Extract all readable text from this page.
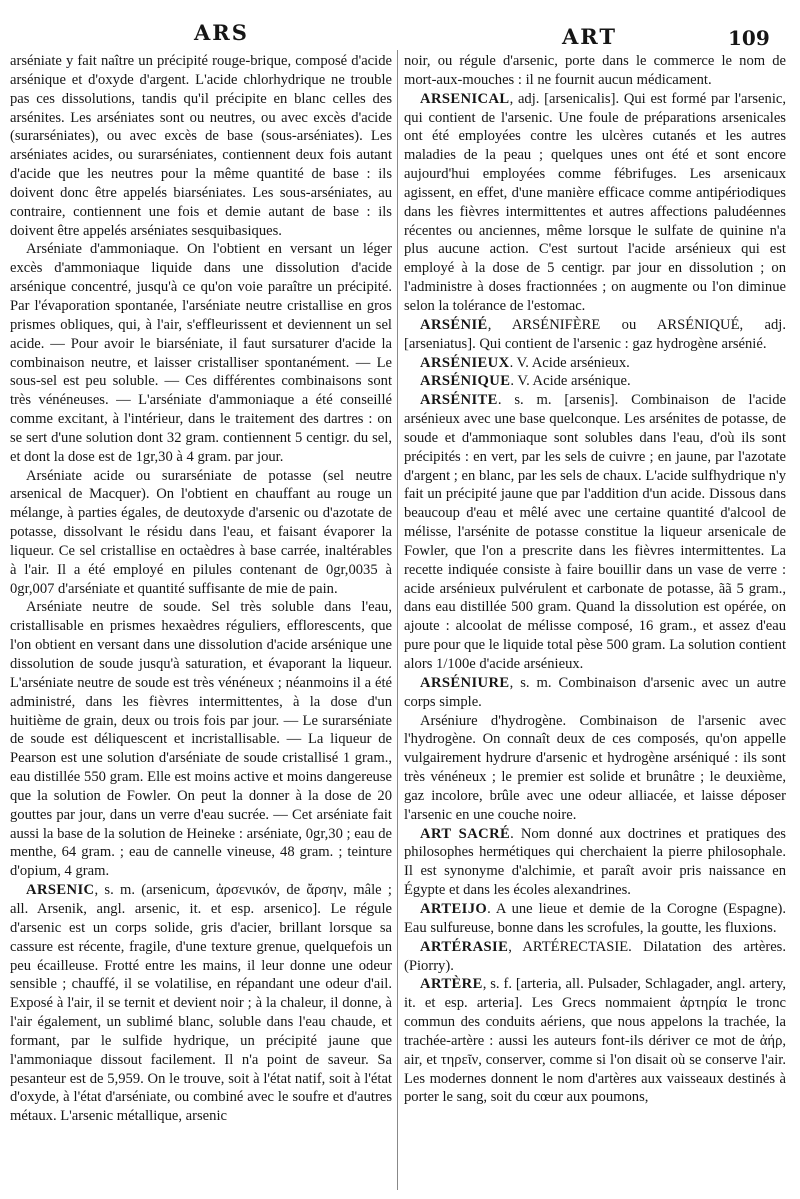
ARS	ART	109

arséniate y fait naître un précipité rouge-brique, composé d'acide arsénique et d'oxyde d'argent. L'acide chlorhydrique ne trouble pas ces dissolutions, tandis qu'il précipite en blanc celles des arsénites. Les arséniates sont ou neutres, ou avec excès d'acide (surarséniates), ou avec excès de base (sous-arséniates). Les arséniates acides, ou surarséniates, contiennent deux fois autant d'acide que les neutres pour la même quantité de base : ils doivent donc être appelés biarséniates. Les sous-arséniates, au contraire, contiennent une fois et demie autant de base : ils doivent être appelés arséniates sesquibasiques.

Arséniate d'ammoniaque. On l'obtient en versant un léger excès d'ammoniaque liquide dans une dissolution d'acide arsénique concentré, jusqu'à ce qu'on voie paraître un précipité. Par l'évaporation spontanée, l'arséniate neutre cristallise en gros prismes obliques, qui, à l'air, s'effleurissent et deviennent un sel acide. — Pour avoir le biarséniate, il faut sursaturer d'acide la combinaison neutre, et laisser cristalliser spontanément. — Le sous-sel est peu soluble. — Ces différentes combinaisons sont très vénéneuses. — L'arséniate d'ammoniaque a été conseillé comme excitant, à l'intérieur, dans le traitement des dartres : on se sert d'une solution dont 32 gram. contiennent 5 centigr. du sel, et dont la dose est de 1gr,30 à 4 gram. par jour.

Arséniate acide ou surarséniate de potasse (sel neutre arsenical de Macquer). On l'obtient en chauffant au rouge un mélange, à parties égales, de deutoxyde d'arsenic ou d'azotate de potasse, dissolvant le résidu dans l'eau, et faisant évaporer la liqueur. Ce sel cristallise en octaèdres à base carrée, inaltérables à l'air. Il a été employé en pilules contenant de 0gr,0035 à 0gr,007 d'arséniate et quantité suffisante de mie de pain.

Arséniate neutre de soude. Sel très soluble dans l'eau, cristallisable en prismes hexaèdres réguliers, efflorescents, que l'on obtient en versant dans une dissolution d'acide arsénique une dissolution de soude jusqu'à saturation, et évaporant la liqueur. L'arséniate neutre de soude est très vénéneux ; néanmoins il a été administré, dans les fièvres intermittentes, à la dose d'un huitième de grain, deux ou trois fois par jour. — Le surarséniate de soude est déliquescent et incristallisable. — La liqueur de Pearson est une solution d'arséniate de soude cristallisé 1 gram., eau distillée 550 gram. Elle est moins active et moins dangereuse que la solution de Fowler. On peut la donner à la dose de 20 gouttes par jour, dans un verre d'eau sucrée. — Cet arséniate fait aussi la base de la solution de Heineke : arséniate, 0gr,30 ; eau de menthe, 64 gram. ; eau de cannelle vineuse, 48 gram. ; teinture d'opium, 4 gram.

ARSENIC, s. m. (arsenicum, ἀρσενικόν, de ἄρσην, mâle ; all. Arsenik, angl. arsenic, it. et esp. arsenico]. Le régule d'arsenic est un corps solide, gris d'acier, brillant lorsque sa cassure est récente, fragile, d'une texture grenue, quelquefois un peu écailleuse. Frotté entre les mains, il leur donne une odeur sensible ; chauffé, il se volatilise, en répandant une odeur d'ail. Exposé à l'air, il se ternit et devient noir ; à la chaleur, il donne, à l'air également, un sublimé blanc, soluble dans l'eau chaude, et formant, par le sulfide hydrique, un précipité jaune que l'ammoniaque dissout facilement. Il n'a point de saveur. Sa pesanteur est de 5,959. On le trouve, soit à l'état natif, soit à l'état d'oxyde, à l'état d'arséniate, ou combiné avec le soufre et d'autres métaux. L'arsenic métallique, arsenic

noir, ou régule d'arsenic, porte dans le commerce le nom de mort-aux-mouches : il ne fournit aucun médicament.

ARSENICAL, adj. [arsenicalis]. Qui est formé par l'arsenic, qui contient de l'arsenic. Une foule de préparations arsenicales ont été employées contre les ulcères cutanés et les autres maladies de la peau ; quelques unes ont été et sont encore aujourd'hui employées comme fébrifuges. Les arsenicaux agissent, en effet, d'une manière efficace comme antipériodiques dans les fièvres intermittentes et autres affections paludéennes récentes ou anciennes, même lorsque le sulfate de quinine n'a plus aucune action. C'est surtout l'acide arsénieux qui est employé à la dose de 5 centigr. par jour en dissolution ; on l'administre à doses fractionnées ; on augmente ou l'on diminue selon la tolérance de l'estomac.

ARSÉNIÉ, ARSÉNIFÈRE ou ARSÉNIQUÉ, adj. [arseniatus]. Qui contient de l'arsenic : gaz hydrogène arsénié.

ARSÉNIEUX. V. Acide arsénieux.

ARSÉNIQUE. V. Acide arsénique.

ARSÉNITE. s. m. [arsenis]. Combinaison de l'acide arsénieux avec une base quelconque. Les arsénites de potasse, de soude et d'ammoniaque sont solubles dans l'eau, d'où ils sont précipités : en vert, par les sels de cuivre ; en jaune, par l'azotate d'argent ; en blanc, par les sels de chaux. L'acide sulfhydrique n'y fait un précipité jaune que par l'addition d'un acide. Dissous dans beaucoup d'eau et mêlé avec une certaine quantité d'alcool de mélisse, l'arsénite de potasse constitue la liqueur arsenicale de Fowler, que l'on a prescrite dans les fièvres intermittentes. La recette indiquée consiste à faire bouillir dans un vase de verre : acide arsénieux pulvérulent et carbonate de potasse, ãã 5 gram., dans eau distillée 500 gram. Quand la dissolution est opérée, on ajoute : alcoolat de mélisse composé, 16 gram., et assez d'eau pure pour que le liquide total pèse 500 gram. La solution contient alors 1/100e d'acide arsénieux.

ARSÉNIURE, s. m. Combinaison d'arsenic avec un autre corps simple.

Arséniure d'hydrogène. Combinaison de l'arsenic avec l'hydrogène. On connaît deux de ces composés, qu'on appelle vulgairement hydrure d'arsenic et hydrogène arséniqué : ils sont très vénéneux ; le premier est solide et brunâtre ; le deuxième, gaz incolore, brûle avec une odeur alliacée, et laisse déposer l'arsenic en une couche noire.

ART SACRÉ. Nom donné aux doctrines et pratiques des philosophes hermétiques qui cherchaient la pierre philosophale. Il est synonyme d'alchimie, et paraît avoir pris naissance en Égypte et dans les écoles alexandrines.

ARTEIJO. A une lieue et demie de la Corogne (Espagne). Eau sulfureuse, bonne dans les scrofules, la goutte, les fluxions.

ARTÉRASIE, ARTÉRECTASIE. Dilatation des artères. (Piorry).

ARTÈRE, s. f. [arteria, all. Pulsader, Schlagader, angl. artery, it. et esp. arteria]. Les Grecs nommaient ἀρτηρία le tronc commun des conduits aériens, que nous appelons la trachée, la trachée-artère : aussi les auteurs font-ils dériver ce mot de ἀήρ, air, et τηρεῖν, conserver, comme si l'on disait où se conserve l'air. Les modernes donnent le nom d'artères aux vaisseaux destinés à porter le sang, soit du cœur aux poumons,
